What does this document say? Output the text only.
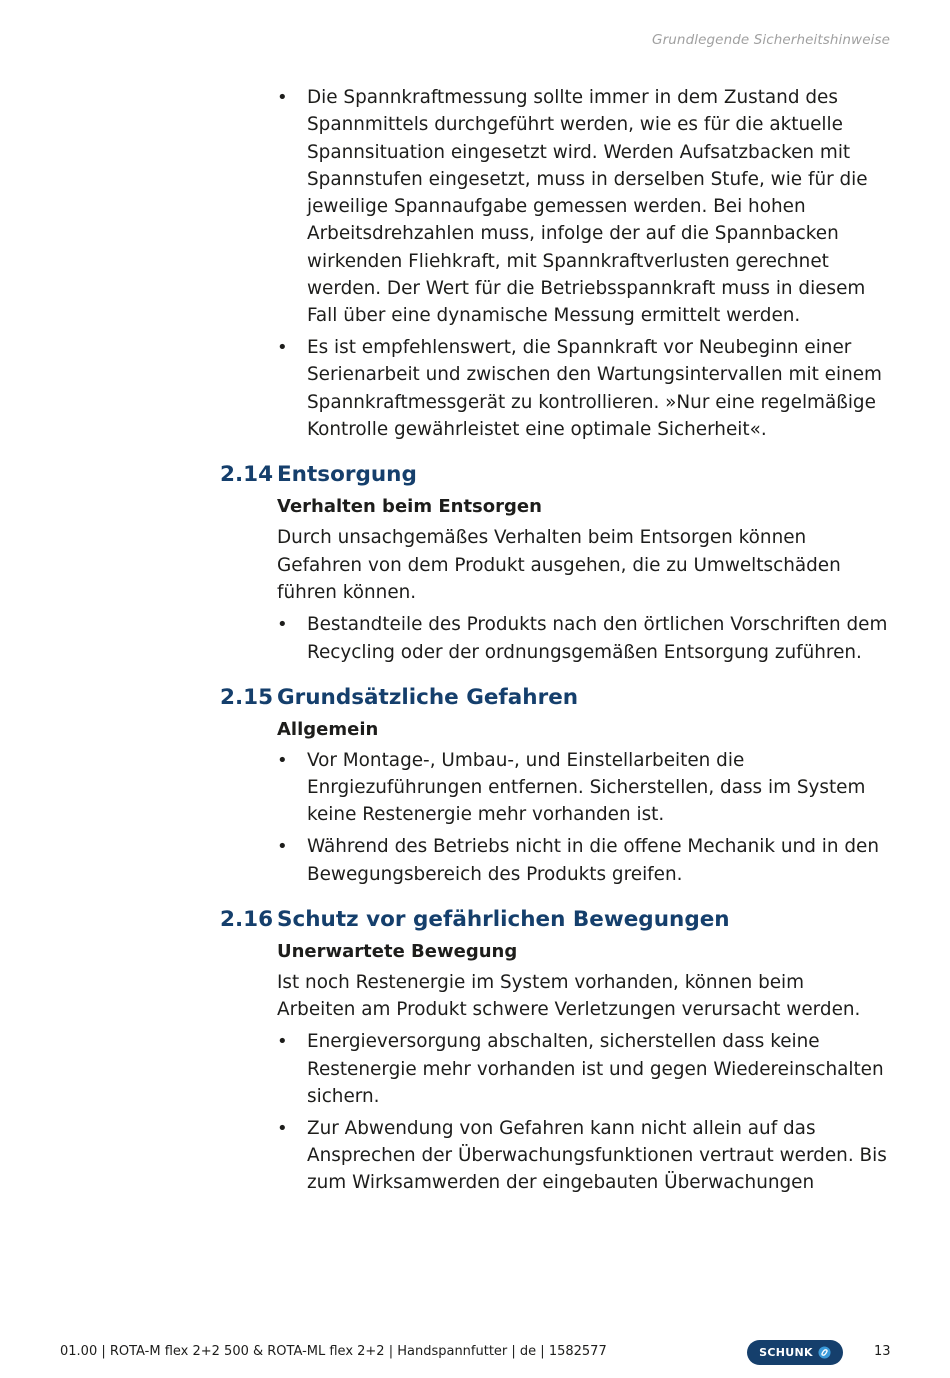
Grundlegende Sicherheitshinweise
• Die Spannkraftmessung sollte immer in dem Zustand des Spannmittels durchgeführt werden, wie es für die aktuelle Spannsituation eingesetzt wird. Werden Aufsatzbacken mit Spannstufen eingesetzt, muss in derselben Stufe, wie für die jeweilige Spannaufgabe gemessen werden. Bei hohen Arbeitsdrehzahlen muss, infolge der auf die Spannbacken wirkenden Fliehkraft, mit Spannkraftverlusten gerechnet werden. Der Wert für die Betriebsspannkraft muss in diesem Fall über eine dynamische Messung ermittelt werden.
• Es ist empfehlenswert, die Spannkraft vor Neubeginn einer Serienarbeit und zwischen den Wartungsintervallen mit einem Spannkraftmessgerät zu kontrollieren. »Nur eine regelmäßige Kontrolle gewährleistet eine optimale Sicherheit«.
2.14 Entsorgung
Verhalten beim Entsorgen

Durch unsachgemäßes Verhalten beim Entsorgen können Gefahren von dem Produkt ausgehen, die zu Umweltschäden führen können.

• Bestandteile des Produkts nach den örtlichen Vorschriften dem Recycling oder der ordnungsgemäßen Entsorgung zuführen.
2.15 Grundsätzliche Gefahren
Allgemein
• Vor Montage-, Umbau-, und Einstellarbeiten die Enrgiezuführungen entfernen. Sicherstellen, dass im System keine Restenergie mehr vorhanden ist.
• Während des Betriebs nicht in die offene Mechanik und in den Bewegungsbereich des Produkts greifen.
2.16 Schutz vor gefährlichen Bewegungen
Unerwartete Bewegung

Ist noch Restenergie im System vorhanden, können beim Arbeiten am Produkt schwere Verletzungen verursacht werden.

• Energieversorgung abschalten, sicherstellen dass keine Restenergie mehr vorhanden ist und gegen Wiedereinschalten sichern.
• Zur Abwendung von Gefahren kann nicht allein auf das Ansprechen der Überwachungsfunktionen vertraut werden. Bis zum Wirksamwerden der eingebauten Überwachungen
01.00 | ROTA-M flex 2+2 500 & ROTA-ML flex 2+2 | Handspannfutter | de | 1582577	SCHUNK	13
